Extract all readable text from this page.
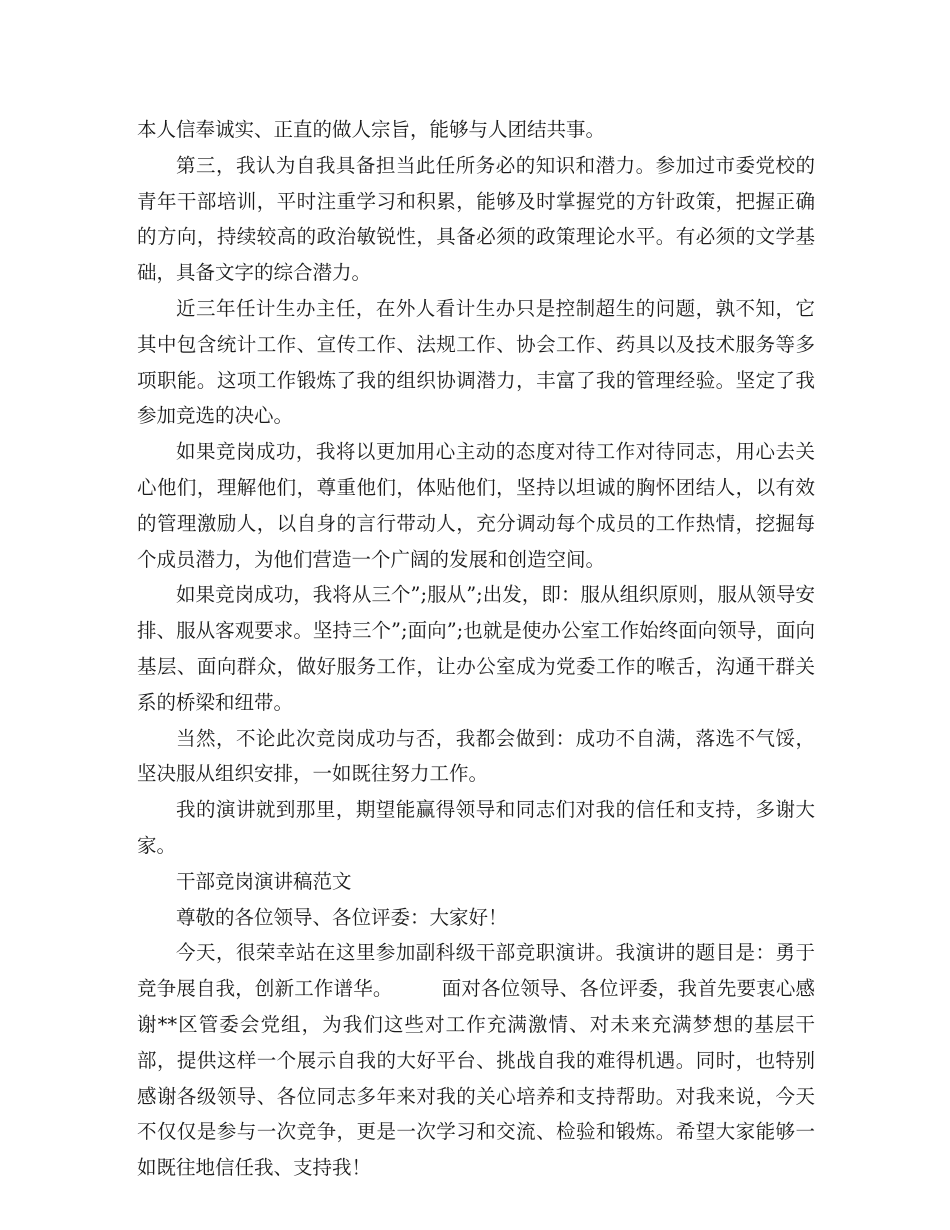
本人信奉诚实、正直的做人宗旨，能够与人团结共事。

第三，我认为自我具备担当此任所务必的知识和潜力。参加过市委党校的青年干部培训，平时注重学习和积累，能够及时掌握党的方针政策，把握正确的方向，持续较高的政治敏锐性，具备必须的政策理论水平。有必须的文学基础，具备文字的综合潜力。

近三年任计生办主任，在外人看计生办只是控制超生的问题，孰不知，它其中包含统计工作、宣传工作、法规工作、协会工作、药具以及技术服务等多项职能。这项工作锻炼了我的组织协调潜力，丰富了我的管理经验。坚定了我参加竞选的决心。

如果竞岗成功，我将以更加用心主动的态度对待工作对待同志，用心去关心他们，理解他们，尊重他们，体贴他们，坚持以坦诚的胸怀团结人，以有效的管理激励人，以自身的言行带动人，充分调动每个成员的工作热情，挖掘每个成员潜力，为他们营造一个广阔的发展和创造空间。

如果竞岗成功，我将从三个”;服从”;出发，即：服从组织原则，服从领导安排、服从客观要求。坚持三个”;面向”;也就是使办公室工作始终面向领导，面向基层、面向群众，做好服务工作，让办公室成为党委工作的喉舌，沟通干群关系的桥梁和纽带。

当然，不论此次竞岗成功与否，我都会做到：成功不自满，落选不气馁，坚决服从组织安排，一如既往努力工作。

我的演讲就到那里，期望能赢得领导和同志们对我的信任和支持，多谢大家。

干部竞岗演讲稿范文

尊敬的各位领导、各位评委：大家好！

今天，很荣幸站在这里参加副科级干部竞职演讲。我演讲的题目是：勇于竞争展自我，创新工作谱华。　　　面对各位领导、各位评委，我首先要衷心感谢**区管委会党组，为我们这些对工作充满激情、对未来充满梦想的基层干部，提供这样一个展示自我的大好平台、挑战自我的难得机遇。同时，也特别感谢各级领导、各位同志多年来对我的关心培养和支持帮助。对我来说，今天不仅仅是参与一次竞争，更是一次学习和交流、检验和锻炼。希望大家能够一如既往地信任我、支持我！
